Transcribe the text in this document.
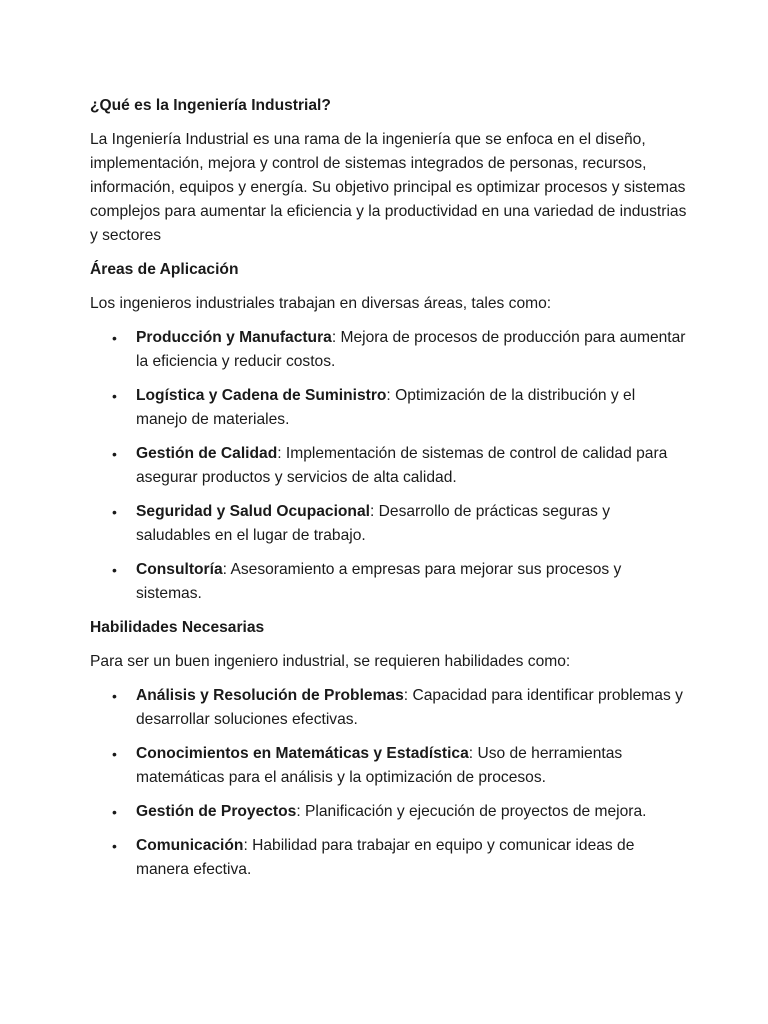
¿Qué es la Ingeniería Industrial?

La Ingeniería Industrial es una rama de la ingeniería que se enfoca en el diseño, implementación, mejora y control de sistemas integrados de personas, recursos, información, equipos y energía. Su objetivo principal es optimizar procesos y sistemas complejos para aumentar la eficiencia y la productividad en una variedad de industrias y sectores

Áreas de Aplicación

Los ingenieros industriales trabajan en diversas áreas, tales como:

• Producción y Manufactura: Mejora de procesos de producción para aumentar la eficiencia y reducir costos.
• Logística y Cadena de Suministro: Optimización de la distribución y el manejo de materiales.
• Gestión de Calidad: Implementación de sistemas de control de calidad para asegurar productos y servicios de alta calidad.
• Seguridad y Salud Ocupacional: Desarrollo de prácticas seguras y saludables en el lugar de trabajo.
• Consultoría: Asesoramiento a empresas para mejorar sus procesos y sistemas.

Habilidades Necesarias

Para ser un buen ingeniero industrial, se requieren habilidades como:

• Análisis y Resolución de Problemas: Capacidad para identificar problemas y desarrollar soluciones efectivas.
• Conocimientos en Matemáticas y Estadística: Uso de herramientas matemáticas para el análisis y la optimización de procesos.
• Gestión de Proyectos: Planificación y ejecución de proyectos de mejora.
• Comunicación: Habilidad para trabajar en equipo y comunicar ideas de manera efectiva.
